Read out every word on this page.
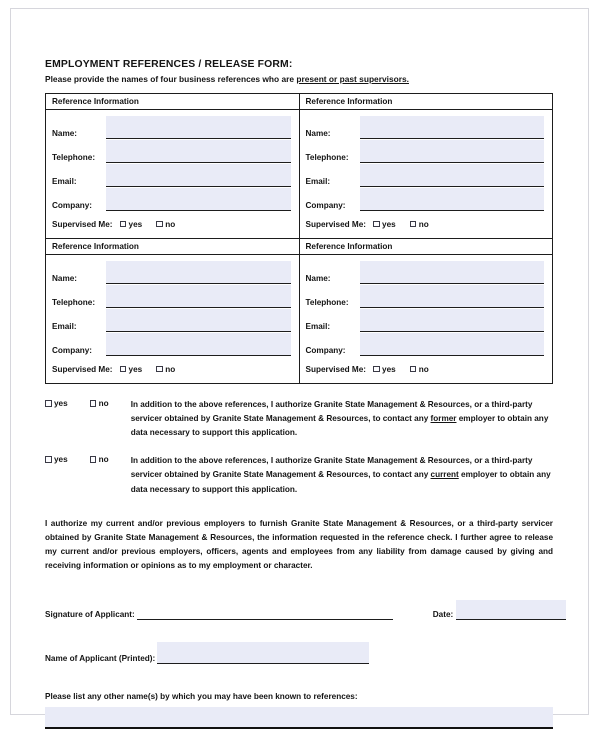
EMPLOYMENT REFERENCES / RELEASE FORM:
Please provide the names of four business references who are present or past supervisors.
Reference Information
Name:
Telephone:
Email:
Company:
Supervised Me:	yes	no

Reference Information
Name:
Telephone:
Email:
Company:
Supervised Me:	yes	no

Reference Information
Name:
Telephone:
Email:
Company:
Supervised Me:	yes	no

Reference Information
Name:
Telephone:
Email:
Company:
Supervised Me:	yes	no
yes	no	In addition to the above references, I authorize Granite State Management & Resources, or a third-party servicer obtained by Granite State Management & Resources, to contact any former employer to obtain any data necessary to support this application.
yes	no	In addition to the above references, I authorize Granite State Management & Resources, or a third-party servicer obtained by Granite State Management & Resources, to contact any current employer to obtain any data necessary to support this application.
I authorize my current and/or previous employers to furnish Granite State Management & Resources, or a third-party servicer obtained by Granite State Management & Resources, the information requested in the reference check. I further agree to release my current and/or previous employers, officers, agents and employees from any liability from damage caused by giving and receiving information or opinions as to my employment or character.
Signature of Applicant:	Date:
Name of Applicant (Printed):
Please list any other name(s) by which you may have been known to references:
